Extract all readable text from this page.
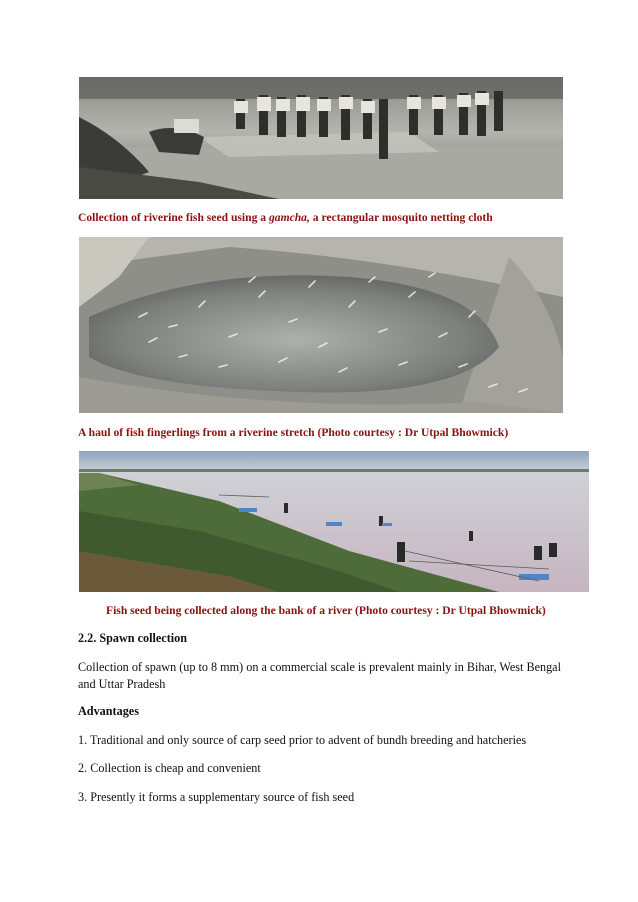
Collection of riverine fish seed using a gamcha, a rectangular mosquito netting cloth
A haul of fish fingerlings from a riverine stretch (Photo courtesy : Dr Utpal Bhowmick)
Fish seed being collected along the bank of a river (Photo courtesy : Dr Utpal Bhowmick)
2.2. Spawn collection
Collection of spawn (up to 8 mm) on a commercial scale is prevalent mainly in Bihar, West Bengal and Uttar Pradesh
Advantages
1. Traditional and only source of carp seed prior to advent of bundh breeding and hatcheries
2. Collection is cheap and convenient
3. Presently it forms a supplementary source of fish seed
